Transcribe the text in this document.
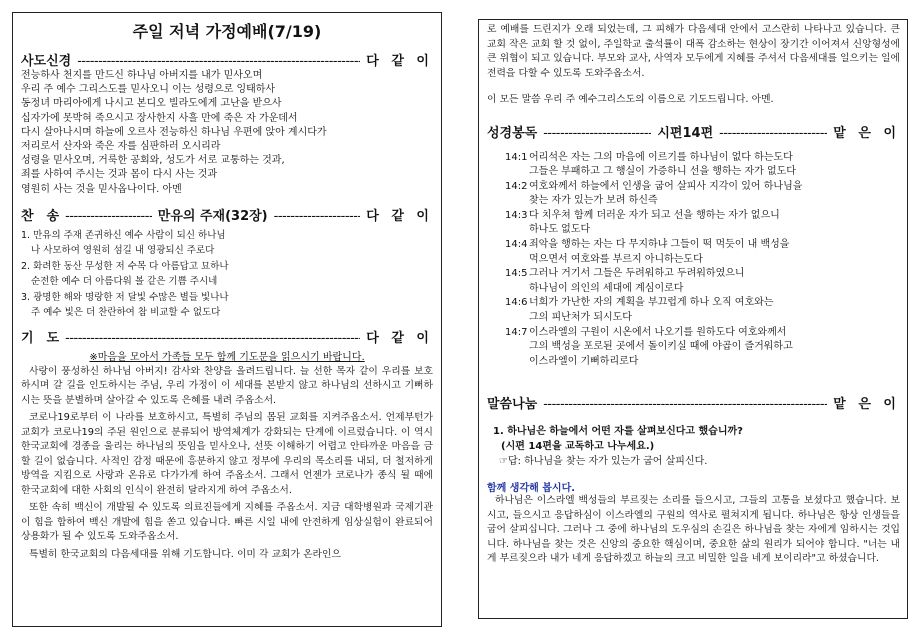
주일 저녁 가정예배(7/19)
사도신경 -----	다 같 이
전능하사 천지를 만드신 하나님 아버지를 내가 믿사오며
우리 주 예수 그리스도를 믿사오니 이는 성령으로 잉태하사
동정녀 마리아에게 나시고 본디오 빌라도에게 고난을 받으사
십자가에 못박혀 죽으시고 장사한지 사흘 만에 죽은 자 가운데서
다시 살아나시며 하늘에 오르사 전능하신 하나님 우편에 앉아 계시다가
저리로서 산자와 죽은 자를 심판하러 오시리라
성령을 믿사오며, 거룩한 공회와, 성도가 서로 교통하는 것과,
죄를 사하여 주시는 것과 몸이 다시 사는 것과
영원히 사는 것을 믿사옵나이다. 아멘
찬　송 -----	만유의 주재(32장) -----	다 같 이
1. 만유의 주재 존귀하신 예수 사람이 되신 하나님
나 사모하여 영원히 섬길 내 영광되신 주로다
2. 화려한 동산 무성한 저 수목 다 아름답고 묘하나
순전한 예수 더 아름다워 볼 같은 기쁨 주시네
3. 광명한 해와 명랑한 저 달빛 수많은 별들 빛나나
주 예수 빛은 더 찬란하여 참 비교할 수 없도다
기　도 -----	다 같 이
※마음을 모아서 가족들 모두 함께 기도문을 읽으시기 바랍니다.
사랑이 풍성하신 하나님 아버지! 감사와 찬양을 올려드립니다. 늘 선한 목자 같이 우리를 보호하시며 갈 길을 인도하시는 주님, 우리 가정이 이 세대를 본받지 않고 하나님의 선하시고 기뻐하시는 뜻을 분별하며 살아갈 수 있도록 은혜를 내려 주옵소서.
코로나19로부터 이 나라를 보호하시고, 특별히 주님의 몸된 교회를 지켜주옵소서. 언제부턴가 교회가 코로나19의 주된 원인으로 분류되어 방역체계가 강화되는 단계에 이르렀습니다. 이 역시 한국교회에 경종을 울리는 하나님의 뜻임을 믿사오나, 선뜻 이해하기 어렵고 안타까운 마음을 금할 길이 없습니다. 사적인 감정 때문에 흥분하지 않고 정부에 우리의 목소리를 내되, 더 철저하게 방역을 지킴으로 사랑과 온유로 다가가게 하여 주옵소서. 그래서 언젠가 코로나가 종식 될 때에 한국교회에 대한 사회의 인식이 완전히 달라지게 하여 주옵소서.
또한 속히 백신이 개발될 수 있도록 의료진들에게 지혜를 주옵소서. 지금 대학병원과 국제기관이 힘을 합하여 백신 개발에 힘을 쏟고 있습니다. 빠른 시일 내에 안전하게 임상실험이 완료되어 상용화가 될 수 있도록 도와주옵소서.
특별히 한국교회의 다음세대를 위해 기도합니다. 이미 각 교회가 온라인으
로 예배를 드린지가 오래 되었는데, 그 피해가 다음세대 안에서 고스란히 나타나고 있습니다. 큰 교회 작은 교회 할 것 없이, 주일학교 출석률이 대폭 감소하는 현상이 장기간 이어져서 신앙형성에 큰 위협이 되고 있습니다. 부모와 교사, 사역자 모두에게 지혜를 주셔서 다음세대를 일으키는 일에 전력을 다할 수 있도록 도와주옵소서.
이 모든 말씀 우리 주 예수그리스도의 이름으로 기도드립니다. 아멘.
성경봉독 -----	시편14편 -----	맡 은 이
14:1 어리석은 자는 그의 마음에 이르기를 하나님이 없다 하는도다
그들은 부패하고 그 행실이 가증하니 선을 행하는 자가 없도다
14:2 여호와께서 하늘에서 인생을 굽어 살피사 지각이 있어 하나님을
찾는 자가 있는가 보려 하신즉
14:3 다 치우쳐 함께 더러운 자가 되고 선을 행하는 자가 없으니
하나도 없도다
14:4 죄악을 행하는 자는 다 무지하냐 그들이 떡 먹듯이 내 백성을
먹으면서 여호와를 부르지 아니하는도다
14:5 그러나 거기서 그들은 두려워하고 두려워하였으니
하나님이 의인의 세대에 계심이로다
14:6 너희가 가난한 자의 계획을 부끄럽게 하나 오직 여호와는
그의 피난처가 되시도다
14:7 이스라엘의 구원이 시온에서 나오기를 원하도다 여호와께서
그의 백성을 포로된 곳에서 돌이키실 때에 야곱이 즐거워하고
이스라엘이 기뻐하리로다
말씀나눔 -----	맡 은 이
1. 하나님은 하늘에서 어떤 자를 살펴보신다고 했습니까?
(시편 14편을 교독하고 나누세요.)
☞답: 하나님을 찾는 자가 있는가 굽어 살피신다.
함께 생각해 봅시다.
하나님은 이스라엘 백성들의 부르짖는 소리를 들으시고, 그들의 고통을 보셨다고 했습니다. 보시고, 들으시고 응답하심이 이스라엘의 구원의 역사로 펼쳐지게 됩니다. 하나님은 항상 인생들을 굽어 살피십니다. 그러나 그 중에 하나님의 도우심의 손길은 하나님을 찾는 자에게 임하시는 것입니다. 하나님을 찾는 것은 신앙의 중요한 핵심이며, 중요한 삶의 원리가 되어야 합니다. "너는 내게 부르짖으라 내가 네게 응답하겠고 하늘의 크고 비밀한 일을 네게 보이리라"고 하셨습니다.
